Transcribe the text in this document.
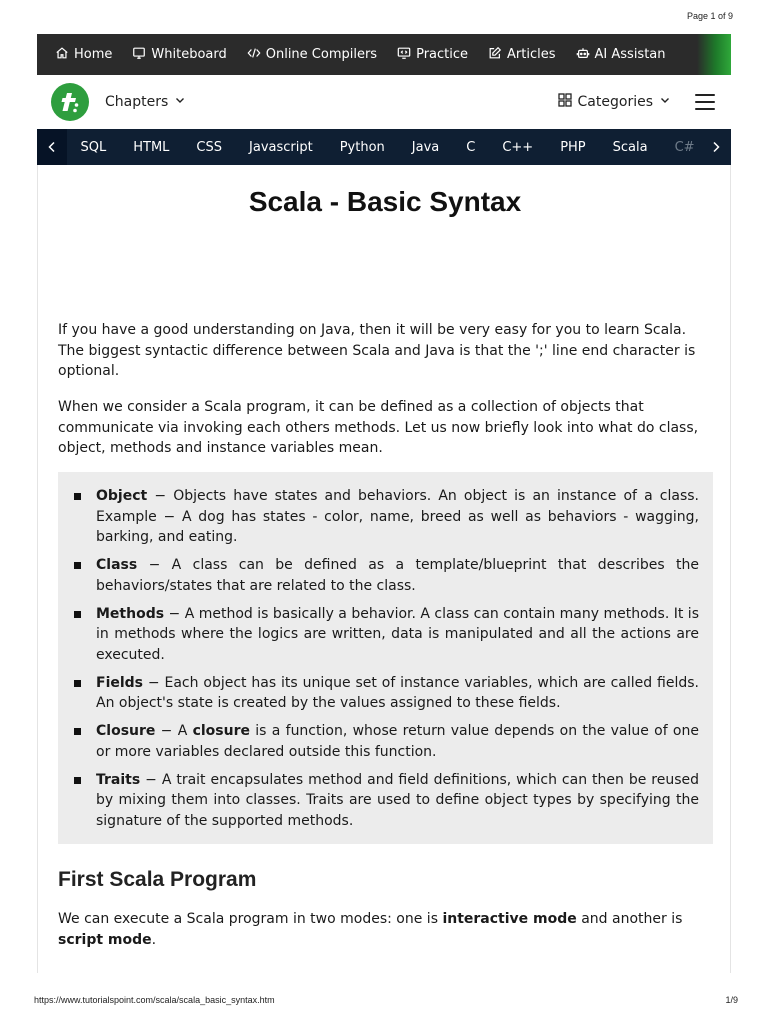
Page 1 of 9
Home	Whiteboard	Online Compilers	Practice	Articles	AI Assistan
Chapters	Categories
SQL	HTML	CSS	Javascript	Python	Java	C	C++	PHP	Scala	C#
Scala - Basic Syntax

If you have a good understanding on Java, then it will be very easy for you to learn Scala. The biggest syntactic difference between Scala and Java is that the ';' line end character is optional.

When we consider a Scala program, it can be defined as a collection of objects that communicate via invoking each others methods. Let us now briefly look into what do class, object, methods and instance variables mean.

Object − Objects have states and behaviors. An object is an instance of a class. Example − A dog has states - color, name, breed as well as behaviors - wagging, barking, and eating.
Class − A class can be defined as a template/blueprint that describes the behaviors/states that are related to the class.
Methods − A method is basically a behavior. A class can contain many methods. It is in methods where the logics are written, data is manipulated and all the actions are executed.
Fields − Each object has its unique set of instance variables, which are called fields. An object's state is created by the values assigned to these fields.
Closure − A closure is a function, whose return value depends on the value of one or more variables declared outside this function.
Traits − A trait encapsulates method and field definitions, which can then be reused by mixing them into classes. Traits are used to define object types by specifying the signature of the supported methods.
First Scala Program

We can execute a Scala program in two modes: one is interactive mode and another is script mode.

https://www.tutorialspoint.com/scala/scala_basic_syntax.htm	1/9
